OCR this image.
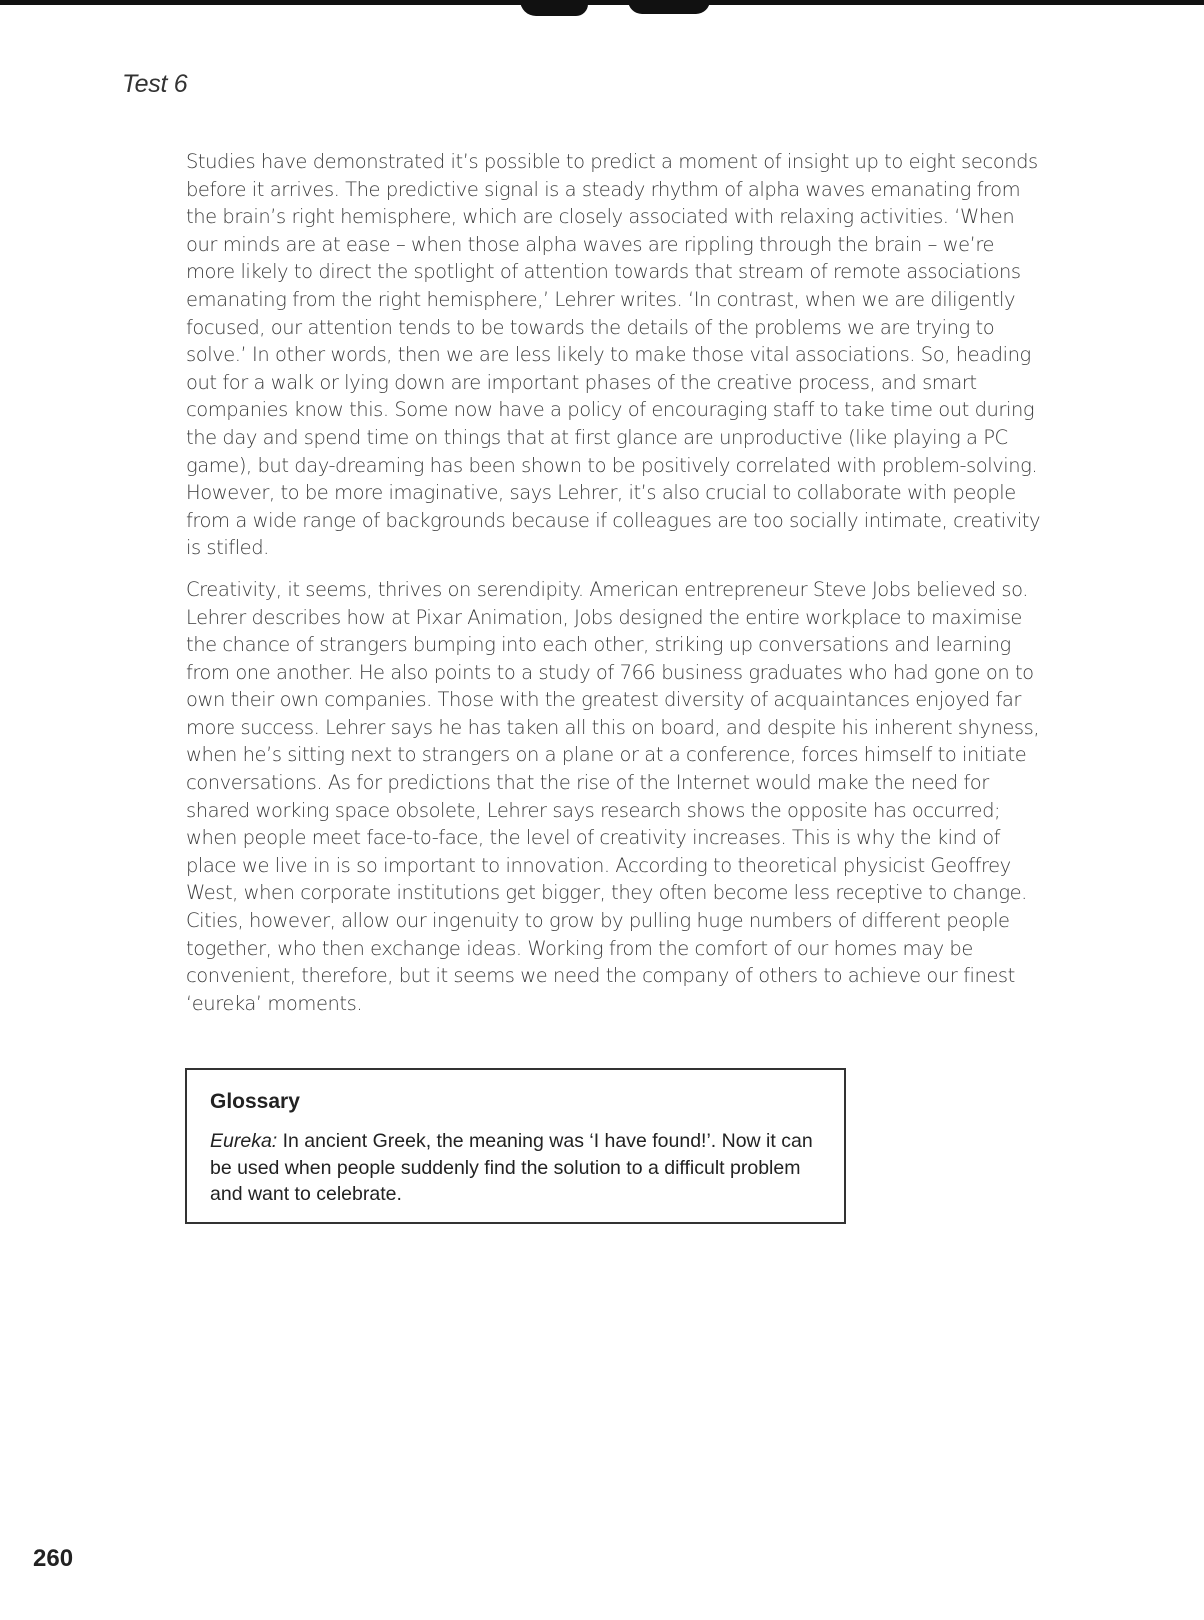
Test 6

Studies have demonstrated it’s possible to predict a moment of insight up to eight seconds before it arrives. The predictive signal is a steady rhythm of alpha waves emanating from the brain’s right hemisphere, which are closely associated with relaxing activities. ‘When our minds are at ease – when those alpha waves are rippling through the brain – we’re more likely to direct the spotlight of attention towards that stream of remote associations emanating from the right hemisphere,’ Lehrer writes. ‘In contrast, when we are diligently focused, our attention tends to be towards the details of the problems we are trying to solve.’ In other words, then we are less likely to make those vital associations. So, heading out for a walk or lying down are important phases of the creative process, and smart companies know this. Some now have a policy of encouraging staff to take time out during the day and spend time on things that at first glance are unproductive (like playing a PC game), but day-dreaming has been shown to be positively correlated with problem-solving. However, to be more imaginative, says Lehrer, it’s also crucial to collaborate with people from a wide range of backgrounds because if colleagues are too socially intimate, creativity is stifled.

Creativity, it seems, thrives on serendipity. American entrepreneur Steve Jobs believed so. Lehrer describes how at Pixar Animation, Jobs designed the entire workplace to maximise the chance of strangers bumping into each other, striking up conversations and learning from one another. He also points to a study of 766 business graduates who had gone on to own their own companies. Those with the greatest diversity of acquaintances enjoyed far more success. Lehrer says he has taken all this on board, and despite his inherent shyness, when he’s sitting next to strangers on a plane or at a conference, forces himself to initiate conversations. As for predictions that the rise of the Internet would make the need for shared working space obsolete, Lehrer says research shows the opposite has occurred; when people meet face-to-face, the level of creativity increases. This is why the kind of place we live in is so important to innovation. According to theoretical physicist Geoffrey West, when corporate institutions get bigger, they often become less receptive to change. Cities, however, allow our ingenuity to grow by pulling huge numbers of different people together, who then exchange ideas. Working from the comfort of our homes may be convenient, therefore, but it seems we need the company of others to achieve our finest ‘eureka’ moments.

Glossary

Eureka: In ancient Greek, the meaning was ‘I have found!’. Now it can be used when people suddenly find the solution to a difficult problem and want to celebrate.

260
